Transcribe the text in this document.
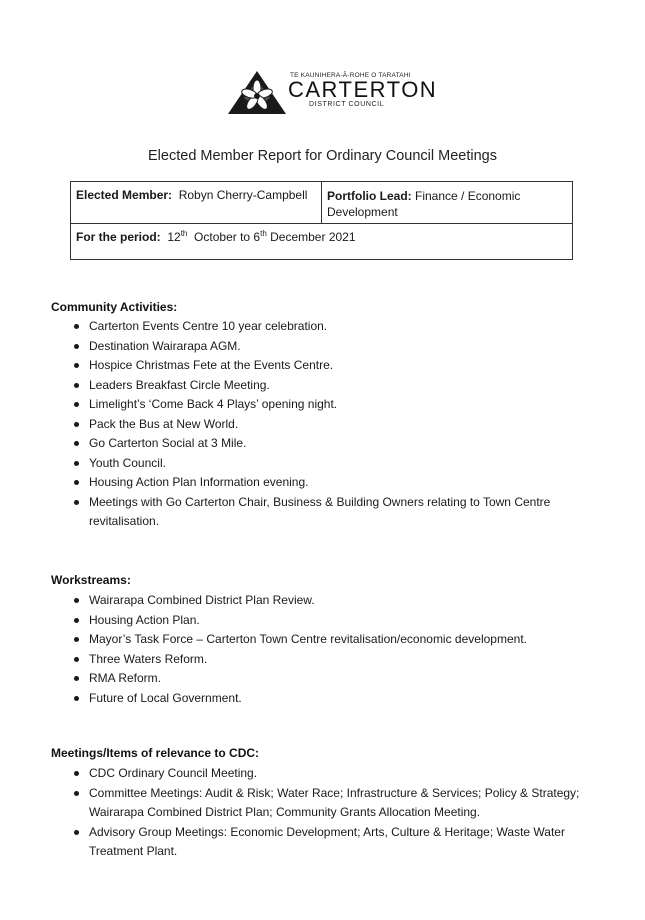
TE KAUNIHERA-Ā-ROHE O TARATAHI
CARTERTON
DISTRICT COUNCIL
Elected Member Report for Ordinary Council Meetings
Elected Member: Robyn Cherry-Campbell	Portfolio Lead: Finance / Economic Development
For the period: 12th October to 6th December 2021
Community Activities:
Carterton Events Centre 10 year celebration.
Destination Wairarapa AGM.
Hospice Christmas Fete at the Events Centre.
Leaders Breakfast Circle Meeting.
Limelight’s ‘Come Back 4 Plays’ opening night.
Pack the Bus at New World.
Go Carterton Social at 3 Mile.
Youth Council.
Housing Action Plan Information evening.
Meetings with Go Carterton Chair, Business & Building Owners relating to Town Centre revitalisation.
Workstreams:
Wairarapa Combined District Plan Review.
Housing Action Plan.
Mayor’s Task Force – Carterton Town Centre revitalisation/economic development.
Three Waters Reform.
RMA Reform.
Future of Local Government.
Meetings/Items of relevance to CDC:
CDC Ordinary Council Meeting.
Committee Meetings: Audit & Risk; Water Race; Infrastructure & Services; Policy & Strategy; Wairarapa Combined District Plan; Community Grants Allocation Meeting.
Advisory Group Meetings: Economic Development; Arts, Culture & Heritage; Waste Water Treatment Plant.
